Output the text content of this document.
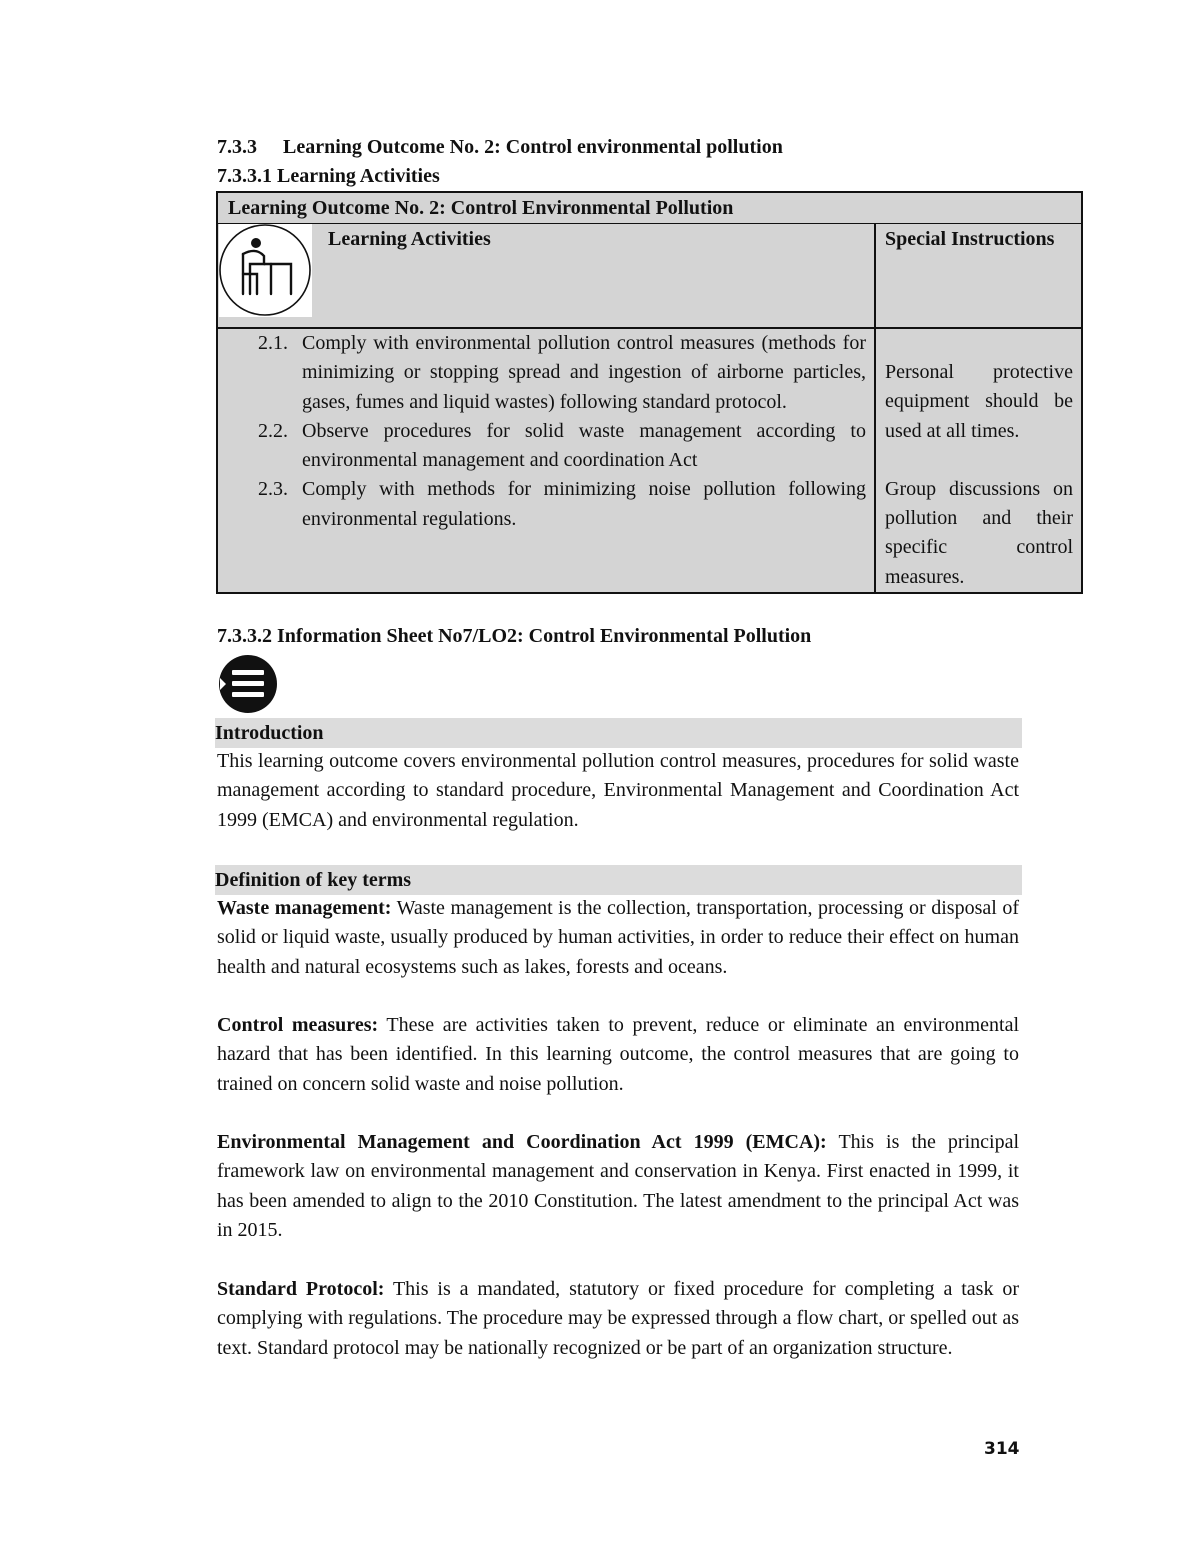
7.3.3 Learning Outcome No. 2: Control environmental pollution
7.3.3.1 Learning Activities
Learning Outcome No. 2: Control Environmental Pollution
Learning Activities	Special Instructions
2.1. Comply with environmental pollution control measures (methods for minimizing or stopping spread and ingestion of airborne particles, gases, fumes and liquid wastes) following standard protocol.
2.2. Observe procedures for solid waste management according to environmental management and coordination Act
2.3. Comply with methods for minimizing noise pollution following environmental regulations.

Personal protective equipment should be used at all times.

Group discussions on pollution and their specific control measures.

7.3.3.2 Information Sheet No7/LO2: Control Environmental Pollution
Introduction

This learning outcome covers environmental pollution control measures, procedures for solid waste management according to standard procedure, Environmental Management and Coordination Act 1999 (EMCA) and environmental regulation.

Definition of key terms

Waste management: Waste management is the collection, transportation, processing or disposal of solid or liquid waste, usually produced by human activities, in order to reduce their effect on human health and natural ecosystems such as lakes, forests and oceans.

Control measures: These are activities taken to prevent, reduce or eliminate an environmental hazard that has been identified. In this learning outcome, the control measures that are going to trained on concern solid waste and noise pollution.

Environmental Management and Coordination Act 1999 (EMCA): This is the principal framework law on environmental management and conservation in Kenya. First enacted in 1999, it has been amended to align to the 2010 Constitution. The latest amendment to the principal Act was in 2015.

Standard Protocol: This is a mandated, statutory or fixed procedure for completing a task or complying with regulations. The procedure may be expressed through a flow chart, or spelled out as text. Standard protocol may be nationally recognized or be part of an organization structure.

314
